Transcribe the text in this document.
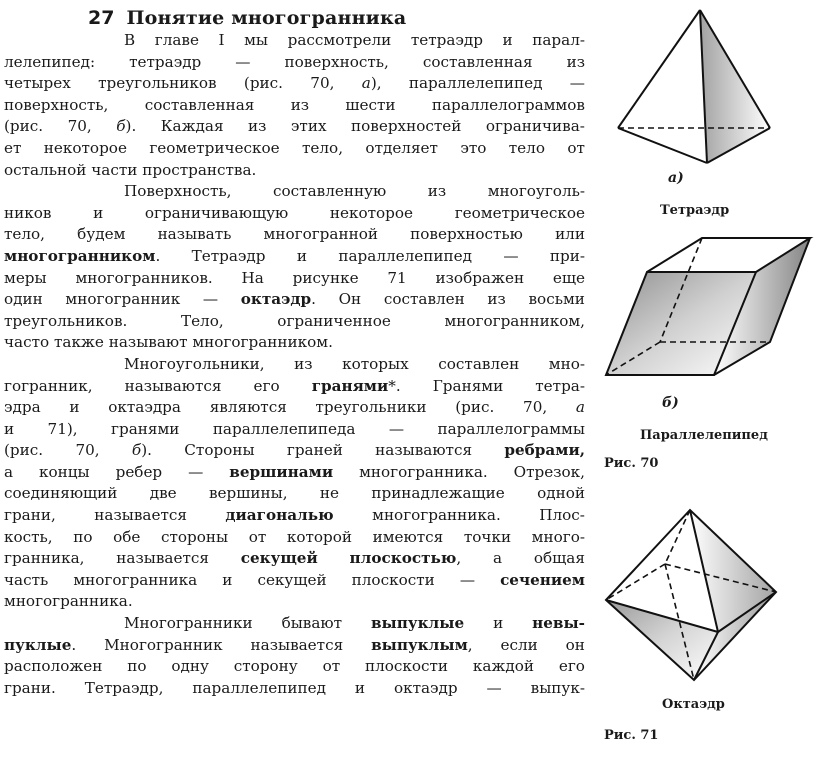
27 Понятие многогранника
В главе I мы рассмотрели тетраэдр и парал-
лелепипед: тетраэдр — поверхность, составленная из
четырех треугольников (рис. 70, а), параллелепипед —
поверхность, составленная из шести параллелограммов
(рис. 70, б). Каждая из этих поверхностей ограничива-
ет некоторое геометрическое тело, отделяет это тело от
остальной части пространства.
Поверхность,	составленную	из	многоуголь-
ников	и	ограничивающую	некоторое	геометрическое
тело, будем называть многогранной поверхностью или
многогранником. Тетраэдр и параллелепипед — при-
меры многогранников. На рисунке 71 изображен еще
один многогранник — октаэдр. Он составлен из восьми
треугольников.	Тело,	ограниченное	многогранником,
часто также называют многогранником.
Многоугольники, из которых составлен мно-
гогранник, называются его гранями*. Гранями тетра-
эдра и октаэдра являются треугольники (рис. 70, а
и 71), гранями параллелепипеда — параллелограммы
(рис. 70, б). Стороны граней называются ребрами,
а концы ребер — вершинами многогранника. Отрезок,
соединяющий две вершины, не принадлежащие одной
грани,	называется	диагональю	многогранника.	Плос-
кость, по обе стороны от которой имеются точки много-
гранника, называется секущей плоскостью, а общая
часть многогранника и секущей плоскости — сечением
многогранника.
Многогранники бывают выпуклые и невы-
пуклые. Многогранник называется выпуклым, если он
расположен по одну сторону от плоскости каждой его
грани. Тетраэдр, параллелепипед и октаэдр — выпук-
а)
Тетраэдр
б)
Параллелепипед
Рис. 70
Октаэдр
Рис. 71
